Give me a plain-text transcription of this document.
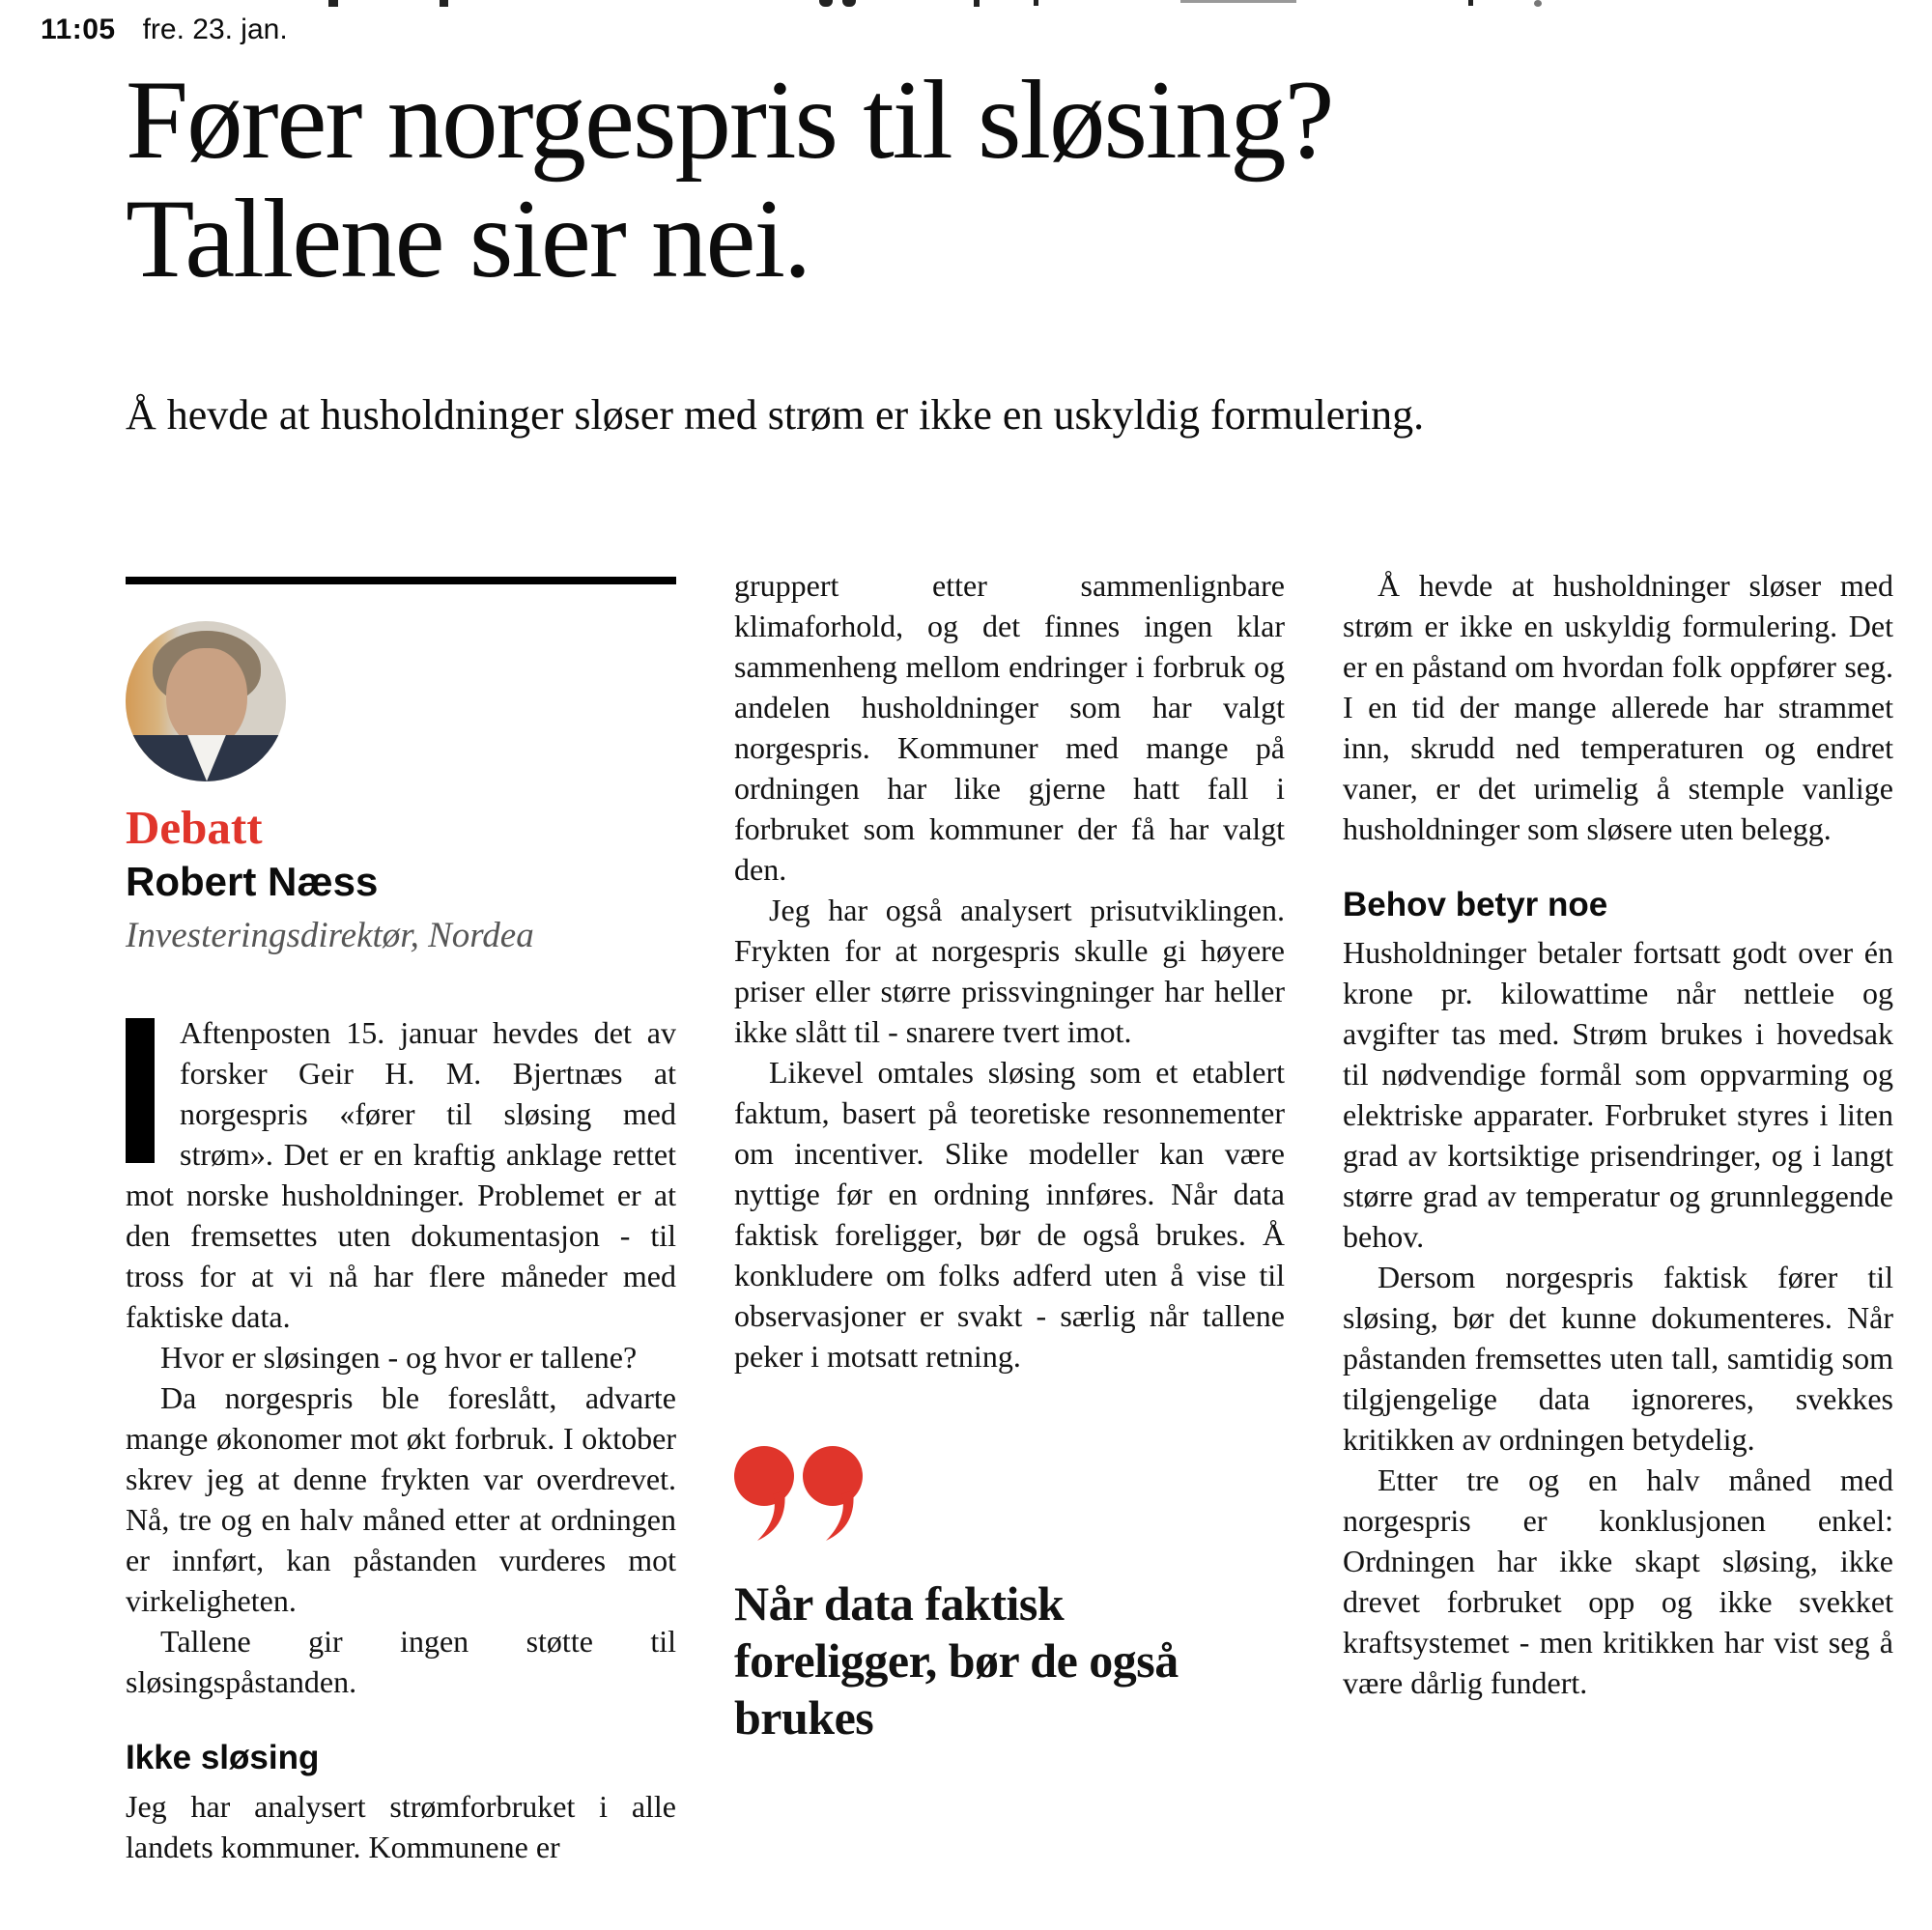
11:05 fre. 23. jan.
Fører norgespris til sløsing?
Tallene sier nei.

Å hevde at husholdninger sløser med strøm er ikke en uskyldig formulering.

Debatt
Robert Næss
Investeringsdirektør, Nordea

Aftenposten 15. januar hevdes det av forsker Geir H. M. Bjertnæs at norgespris «fører til sløsing med strøm». Det er en kraftig anklage rettet mot norske husholdninger. Problemet er at den fremsettes uten dokumentasjon - til tross for at vi nå har flere måneder med faktiske data.

Hvor er sløsingen - og hvor er tallene?

Da norgespris ble foreslått, advarte mange økonomer mot økt forbruk. I oktober skrev jeg at denne frykten var overdrevet. Nå, tre og en halv måned etter at ordningen er innført, kan påstanden vurderes mot virkeligheten.

Tallene gir ingen støtte til sløsingspåstanden.

Ikke sløsing

Jeg har analysert strømforbruket i alle landets kommuner. Kommunene er

gruppert etter sammenlignbare klimaforhold, og det finnes ingen klar sammenheng mellom endringer i forbruk og andelen husholdninger som har valgt norgespris. Kommuner med mange på ordningen har like gjerne hatt fall i forbruket som kommuner der få har valgt den.

Jeg har også analysert prisutviklingen. Frykten for at norgespris skulle gi høyere priser eller større prissvingninger har heller ikke slått til - snarere tvert imot.

Likevel omtales sløsing som et etablert faktum, basert på teoretiske resonnementer om incentiver. Slike modeller kan være nyttige før en ordning innføres. Når data faktisk foreligger, bør de også brukes. Å konkludere om folks adferd uten å vise til observasjoner er svakt - særlig når tallene peker i motsatt retning.

Når data faktisk foreligger, bør de også brukes

Å hevde at husholdninger sløser med strøm er ikke en uskyldig formulering. Det er en påstand om hvordan folk oppfører seg. I en tid der mange allerede har strammet inn, skrudd ned temperaturen og endret vaner, er det urimelig å stemple vanlige husholdninger som sløsere uten belegg.

Behov betyr noe

Husholdninger betaler fortsatt godt over én krone pr. kilowattime når nettleie og avgifter tas med. Strøm brukes i hovedsak til nødvendige formål som oppvarming og elektriske apparater. Forbruket styres i liten grad av kortsiktige prisendringer, og i langt større grad av temperatur og grunnleggende behov.

Dersom norgespris faktisk fører til sløsing, bør det kunne dokumenteres. Når påstanden fremsettes uten tall, samtidig som tilgjengelige data ignoreres, svekkes kritikken av ordningen betydelig.

Etter tre og en halv måned med norgespris er konklusjonen enkel: Ordningen har ikke skapt sløsing, ikke drevet forbruket opp og ikke svekket kraftsystemet - men kritikken har vist seg å være dårlig fundert.
